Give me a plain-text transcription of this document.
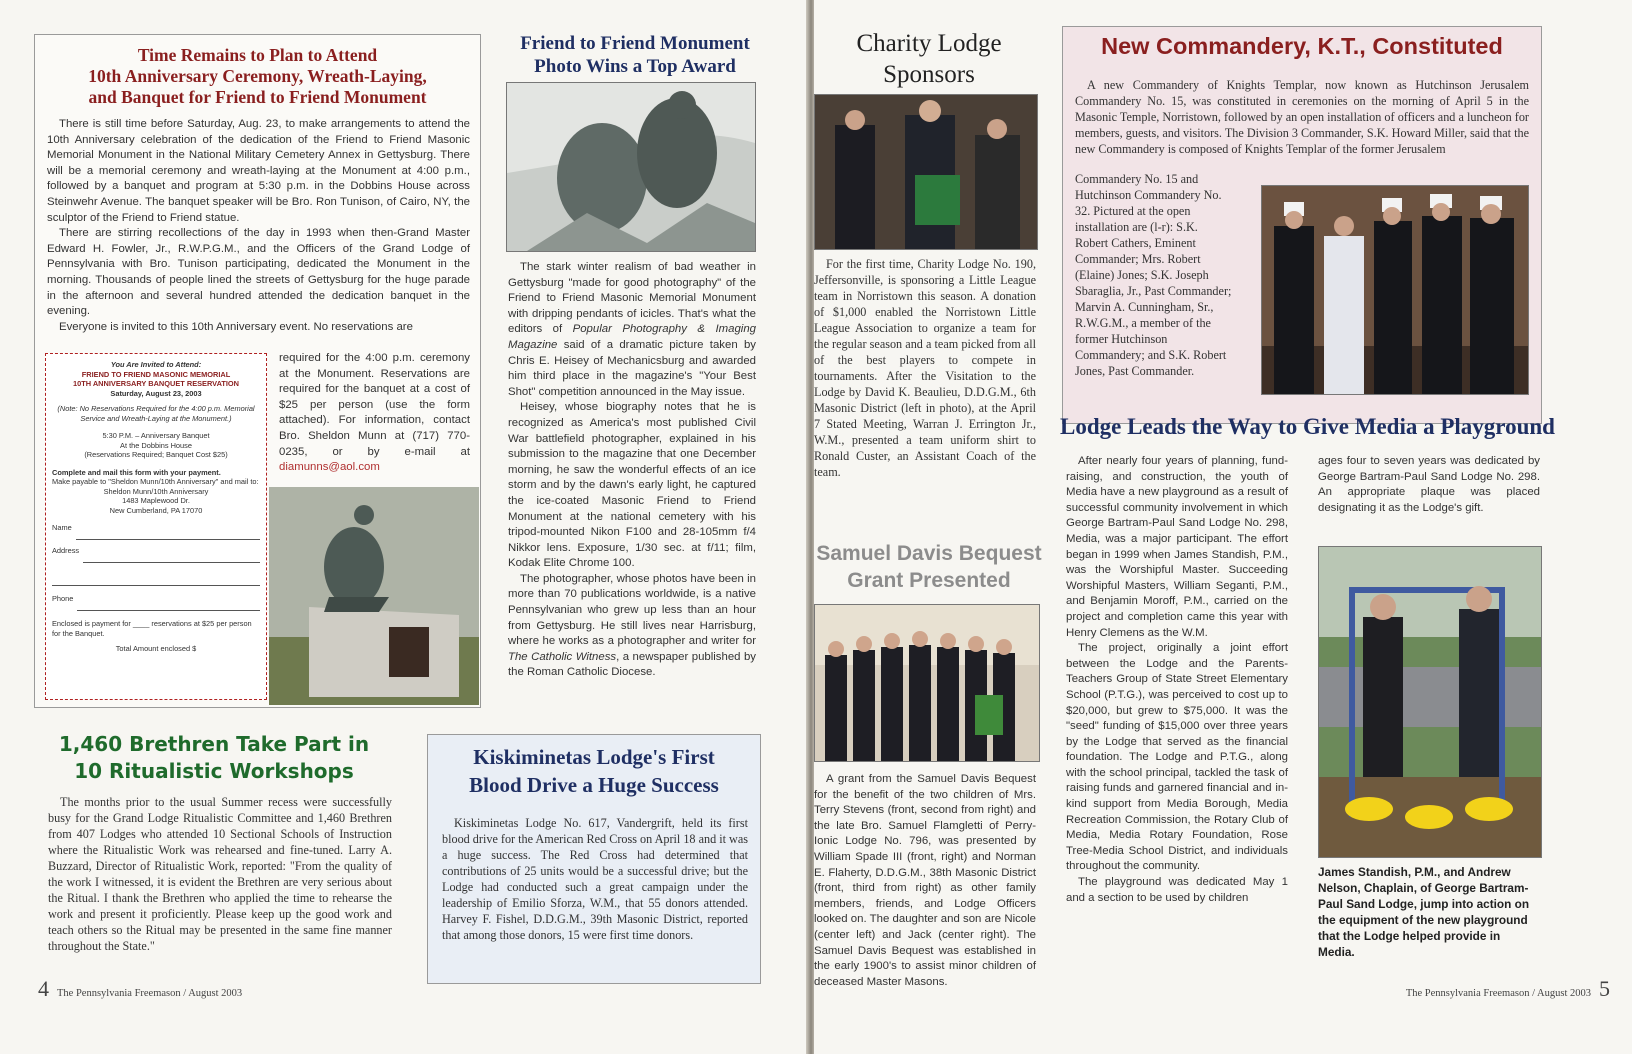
Time Remains to Plan to Attend
10th Anniversary Ceremony, Wreath-Laying,
and Banquet for Friend to Friend Monument

There is still time before Saturday, Aug. 23, to make arrangements to attend the 10th Anniversary celebration of the dedication of the Friend to Friend Masonic Memorial Monument in the National Military Cemetery Annex in Gettysburg. There will be a memorial ceremony and wreath-laying at the Monument at 4:00 p.m., followed by a banquet and program at 5:30 p.m. in the Dobbins House across Steinwehr Avenue. The banquet speaker will be Bro. Ron Tunison, of Cairo, NY, the sculptor of the Friend to Friend statue.

There are stirring recollections of the day in 1993 when then-Grand Master Edward H. Fowler, Jr., R.W.P.G.M., and the Officers of the Grand Lodge of Pennsylvania with Bro. Tunison participating, dedicated the Monument in the morning. Thousands of people lined the streets of Gettysburg for the huge parade in the afternoon and several hundred attended the dedication banquet in the evening.

Everyone is invited to this 10th Anniversary event. No reservations are

required for the 4:00 p.m. ceremony at the Monument. Reservations are required for the banquet at a cost of $25 per person (use the form attached). For information, contact Bro. Sheldon Munn at (717) 770-0235, or by e-mail at diamunns@aol.com
You Are Invited to Attend:
FRIEND TO FRIEND MASONIC MEMORIAL
10TH ANNIVERSARY BANQUET RESERVATION
Saturday, August 23, 2003
(Note: No Reservations Required for the 4:00 p.m. Memorial Service and Wreath-Laying at the Monument.)
5:30 P.M. – Anniversary Banquet
At the Dobbins House
(Reservations Required; Banquet Cost $25)
Complete and mail this form with your payment.
Make payable to "Sheldon Munn/10th Anniversary" and mail to:
Sheldon Munn/10th Anniversary
1483 Maplewood Dr.
New Cumberland, PA 17070
Name
Address
Phone
Enclosed is payment for ____ reservations at $25 per person for the Banquet.
Total Amount enclosed $
Friend to Friend Monument
Photo Wins a Top Award

The stark winter realism of bad weather in Gettysburg "made for good photography" of the Friend to Friend Masonic Memorial Monument with dripping pendants of icicles. That's what the editors of Popular Photography & Imaging Magazine said of a dramatic picture taken by Chris E. Heisey of Mechanicsburg and awarded him third place in the magazine's "Your Best Shot" competition announced in the May issue.

Heisey, whose biography notes that he is recognized as America's most published Civil War battlefield photographer, explained in his submission to the magazine that one December morning, he saw the wonderful effects of an ice storm and by the dawn's early light, he captured the ice-coated Masonic Friend to Friend Monument at the national cemetery with his tripod-mounted Nikon F100 and 28-105mm f/4 Nikkor lens. Exposure, 1/30 sec. at f/11; film, Kodak Elite Chrome 100.

The photographer, whose photos have been in more than 70 publications worldwide, is a native Pennsylvanian who grew up less than an hour from Gettysburg. He still lives near Harrisburg, where he works as a photographer and writer for The Catholic Witness, a newspaper published by the Roman Catholic Diocese.

1,460 Brethren Take Part in
10 Ritualistic Workshops

The months prior to the usual Summer recess were successfully busy for the Grand Lodge Ritualistic Committee and 1,460 Brethren from 407 Lodges who attended 10 Sectional Schools of Instruction where the Ritualistic Work was rehearsed and fine-tuned. Larry A. Buzzard, Director of Ritualistic Work, reported: "From the quality of the work I witnessed, it is evident the Brethren are very serious about the Ritual. I thank the Brethren who applied the time to rehearse the work and present it proficiently. Please keep up the good work and teach others so the Ritual may be presented in the same fine manner throughout the State."

Kiskiminetas Lodge's First
Blood Drive a Huge Success

Kiskiminetas Lodge No. 617, Vandergrift, held its first blood drive for the American Red Cross on April 18 and it was a huge success. The Red Cross had determined that contributions of 25 units would be a successful drive; but the Lodge had conducted such a great campaign under the leadership of Emilio Sforza, W.M., that 55 donors attended. Harvey F. Fishel, D.D.G.M., 39th Masonic District, reported that among those donors, 15 were first time donors.

4 The Pennsylvania Freemason / August 2003
Charity Lodge Sponsors

For the first time, Charity Lodge No. 190, Jeffersonville, is sponsoring a Little League team in Norristown this season. A donation of $1,000 enabled the Norristown Little League Association to organize a team for the regular season and a team picked from all of the best players to compete in tournaments. After the Visitation to the Lodge by David K. Beaulieu, D.D.G.M., 6th Masonic District (left in photo), at the April 7 Stated Meeting, Warran J. Errington Jr., W.M., presented a team uniform shirt to Ronald Custer, an Assistant Coach of the team.

Samuel Davis Bequest
Grant Presented

A grant from the Samuel Davis Bequest for the benefit of the two children of Mrs. Terry Stevens (front, second from right) and the late Bro. Samuel Flamgletti of Perry-Ionic Lodge No. 796, was presented by William Spade III (front, right) and Norman E. Flaherty, D.D.G.M., 38th Masonic District (front, third from right) as other family members, friends, and Lodge Officers looked on. The daughter and son are Nicole (center left) and Jack (center right). The Samuel Davis Bequest was established in the early 1900's to assist minor children of deceased Master Masons.

New Commandery, K.T., Constituted

A new Commandery of Knights Templar, now known as Hutchinson Jerusalem Commandery No. 15, was constituted in ceremonies on the morning of April 5 in the Masonic Temple, Norristown, followed by an open installation of officers and a luncheon for members, guests, and visitors. The Division 3 Commander, S.K. Howard Miller, said that the new Commandery is composed of Knights Templar of the former Jerusalem

Commandery No. 15 and Hutchinson Commandery No. 32. Pictured at the open installation are (l-r): S.K. Robert Cathers, Eminent Commander; Mrs. Robert (Elaine) Jones; S.K. Joseph Sbaraglia, Jr., Past Commander; Marvin A. Cunningham, Sr., R.W.G.M., a member of the former Hutchinson Commandery; and S.K. Robert Jones, Past Commander.
Lodge Leads the Way to Give Media a Playground

After nearly four years of planning, fund-raising, and construction, the youth of Media have a new playground as a result of successful community involvement in which George Bartram-Paul Sand Lodge No. 298, Media, was a major participant. The effort began in 1999 when James Standish, P.M., was the Worshipful Master. Succeeding Worshipful Masters, William Seganti, P.M., and Benjamin Moroff, P.M., carried on the project and completion came this year with Henry Clemens as the W.M.

The project, originally a joint effort between the Lodge and the Parents-Teachers Group of State Street Elementary School (P.T.G.), was perceived to cost up to $20,000, but grew to $75,000. It was the "seed" funding of $15,000 over three years by the Lodge that served as the financial foundation. The Lodge and P.T.G., along with the school principal, tackled the task of raising funds and garnered financial and in-kind support from Media Borough, Media Recreation Commission, the Rotary Club of Media, Media Rotary Foundation, Rose Tree-Media School District, and individuals throughout the community.

The playground was dedicated May 1 and a section to be used by children

ages four to seven years was dedicated by George Bartram-Paul Sand Lodge No. 298. An appropriate plaque was placed designating it as the Lodge's gift.

James Standish, P.M., and Andrew Nelson, Chaplain, of George Bartram-Paul Sand Lodge, jump into action on the equipment of the new playground that the Lodge helped provide in Media.
The Pennsylvania Freemason / August 2003 5
